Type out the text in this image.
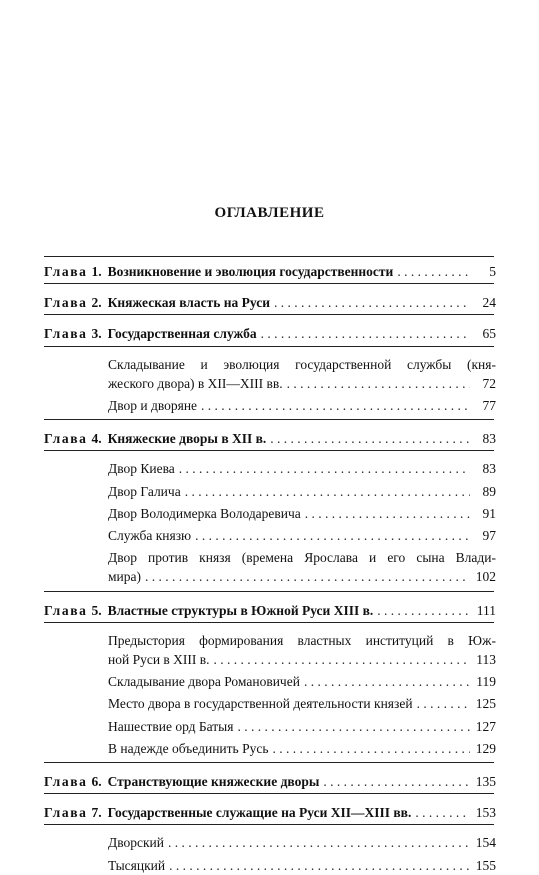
ОГЛАВЛЕНИЕ
Глава 1. Возникновение и эволюция государственности . . .	5
Глава 2. Княжеская власть на Руси . . .	24
Глава 3. Государственная служба . . .	65
Складывание и эволюция государственной службы (кня-
жеского двора) в XII—XIII вв. . . .	72
Двор и дворяне . . .	77
Глава 4. Княжеские дворы в XII в. . . .	83
Двор Киева . . .	83
Двор Галича . . .	89
Двор Володимерка Володаревича . . .	91
Служба князю . . .	97
Двор против князя (времена Ярослава и его сына Влади-
мира) . . .	102
Глава 5. Властные структуры в Южной Руси XIII в. . . .	111
Предыстория формирования властных институций в Юж-
ной Руси в XIII в. . . .	113
Складывание двора Романовичей . . .	119
Место двора в государственной деятельности князей . . .	125
Нашествие орд Батыя . . .	127
В надежде объединить Русь . . .	129
Глава 6. Странствующие княжеские дворы . . .	135
Глава 7. Государственные служащие на Руси XII—XIII вв. . . .	153
Дворский . . .	154
Тысяцкий . . .	155
